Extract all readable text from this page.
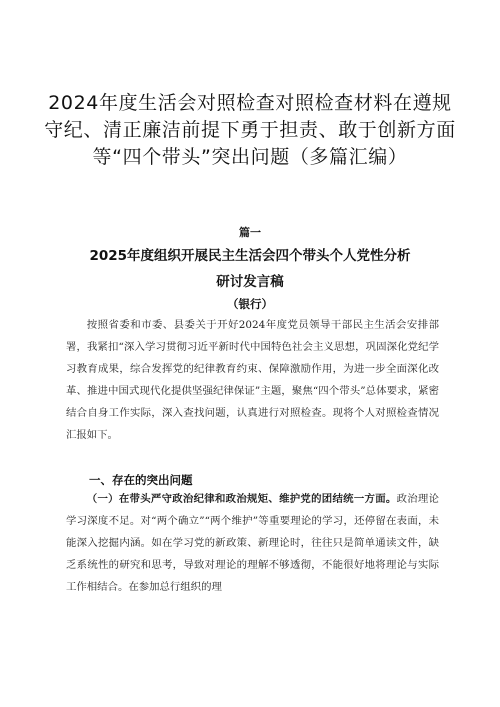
2024年度生活会对照检查对照检查材料在遵规守纪、清正廉洁前提下勇于担责、敢于创新方面等“四个带头”突出问题（多篇汇编）
篇一
2025年度组织开展民主生活会四个带头个人党性分析
研讨发言稿
（银行）

按照省委和市委、县委关于开好2024年度党员领导干部民主生活会安排部署，我紧扣“深入学习贯彻习近平新时代中国特色社会主义思想，巩固深化党纪学习教育成果，综合发挥党的纪律教育约束、保障激励作用，为进一步全面深化改革、推进中国式现代化提供坚强纪律保证”主题，聚焦“四个带头”总体要求，紧密结合自身工作实际，深入查找问题，认真进行对照检查。现将个人对照检查情况汇报如下。

一、存在的突出问题

（一）在带头严守政治纪律和政治规矩、维护党的团结统一方面。政治理论学习深度不足。对“两个确立”“两个维护”等重要理论的学习，还停留在表面，未能深入挖掘内涵。如在学习党的新政策、新理论时，往往只是简单通读文件，缺乏系统性的研究和思考，导致对理论的理解不够透彻，不能很好地将理论与实际工作相结合。在参加总行组织的理
